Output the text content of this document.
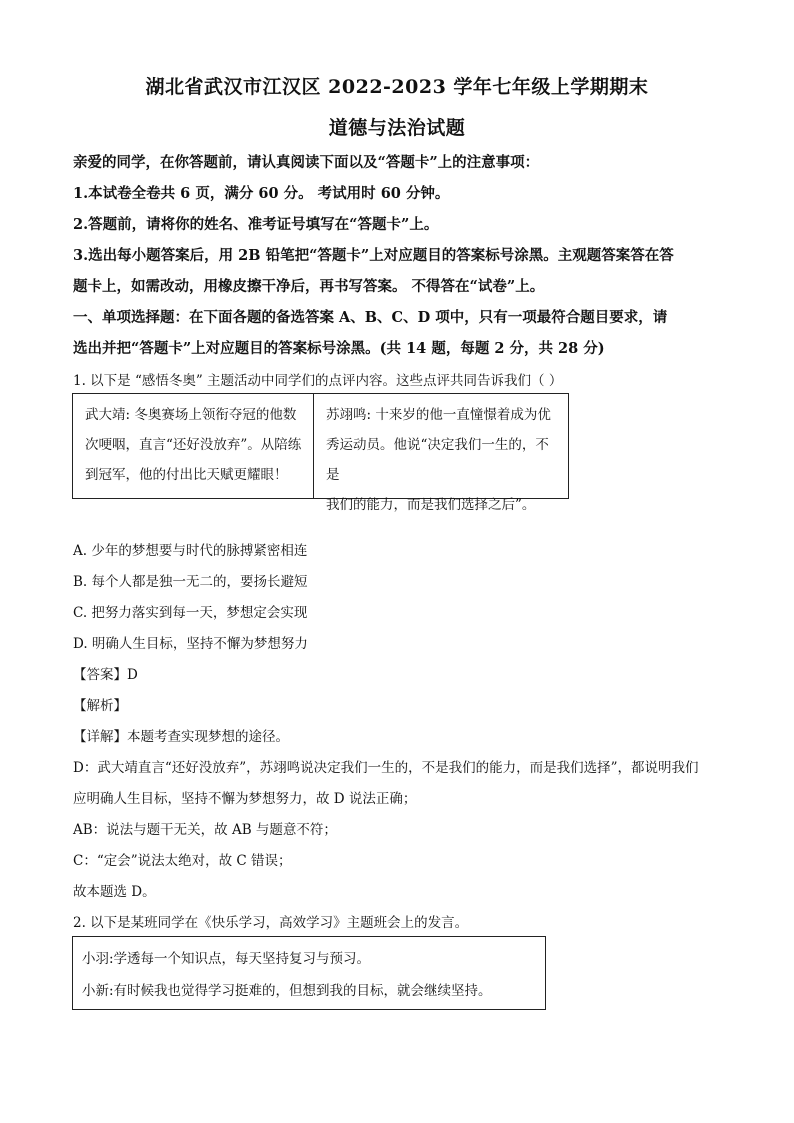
湖北省武汉市江汉区 2022-2023 学年七年级上学期期末
道德与法治试题
亲爱的同学，在你答题前，请认真阅读下面以及“答题卡”上的注意事项：
1.本试卷全卷共 6 页，满分 60 分。 考试用时 60 分钟。
2.答题前，请将你的姓名、准考证号填写在“答题卡”上。
3.选出每小题答案后，用 2B 铅笔把“答题卡”上对应题目的答案标号涂黑。主观题答案答在答
题卡上，如需改动，用橡皮擦干净后，再书写答案。 不得答在“试卷”上。
一、单项选择题：在下面各题的备选答案 A、B、C、D 项中，只有一项最符合题目要求，请
选出并把“答题卡”上对应题目的答案标号涂黑。(共 14 题，每题 2 分，共 28 分)
1. 以下是 “感悟冬奥” 主题活动中同学们的点评内容。这些点评共同告诉我们（ ）
武大靖: 冬奥赛场上领衔夺冠的他数
次哽咽，直言“还好没放弃”。从陪练
到冠军，他的付出比天赋更耀眼！
苏翊鸣: 十来岁的他一直憧憬着成为优
秀运动员。他说“决定我们一生的，不是
我们的能力，而是我们选择之后”。
A. 少年的梦想要与时代的脉搏紧密相连
B. 每个人都是独一无二的，要扬长避短
C. 把努力落实到每一天，梦想定会实现
D. 明确人生目标，坚持不懈为梦想努力
【答案】D
【解析】
【详解】本题考查实现梦想的途径。
D：武大靖直言“还好没放弃”，苏翊鸣说决定我们一生的，不是我们的能力，而是我们选择”，都说明我们
应明确人生目标，坚持不懈为梦想努力，故 D 说法正确；
AB：说法与题干无关，故 AB 与题意不符；
C：“定会”说法太绝对，故 C 错误；
故本题选 D。
2. 以下是某班同学在《快乐学习，高效学习》主题班会上的发言。
小羽:学透每一个知识点，每天坚持复习与预习。
小新:有时候我也觉得学习挺难的，但想到我的目标，就会继续坚持。
